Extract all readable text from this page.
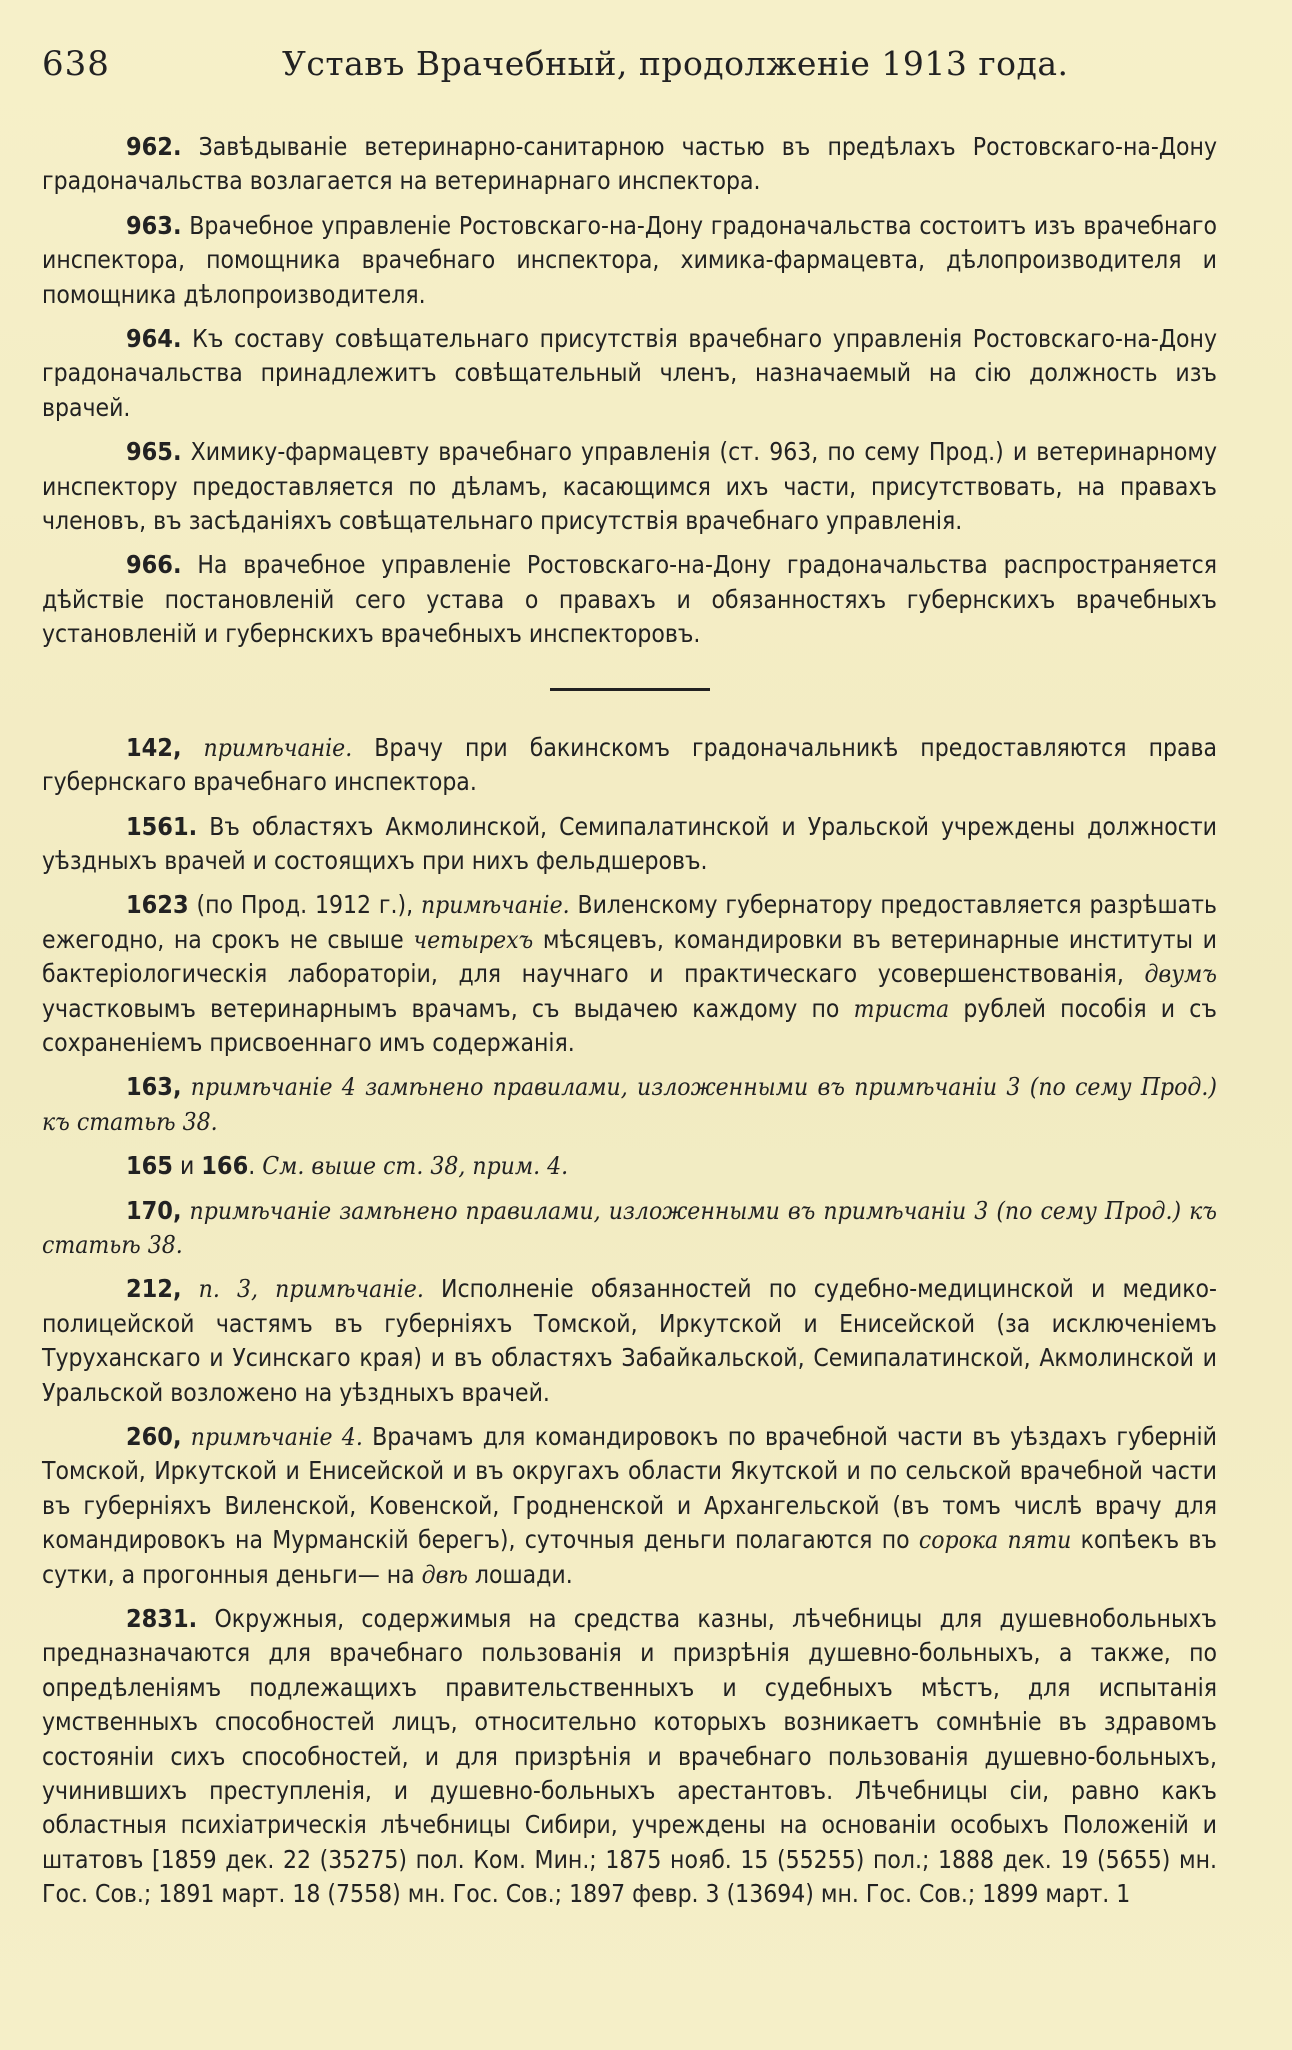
638	Уставъ Врачебный, продолженіе 1913 года.

962. Завѣдываніе ветеринарно-санитарною частью въ предѣлахъ Ростовскаго-на-Дону градоначальства возлагается на ветеринарнаго инспектора.

963. Врачебное управленіе Ростовскаго-на-Дону градоначальства состоитъ изъ врачебнаго инспектора, помощника врачебнаго инспектора, химика-фармацевта, дѣлопроизводителя и помощника дѣлопроизводителя.

964. Къ составу совѣщательнаго присутствія врачебнаго управленія Ростовскаго-на-Дону градоначальства принадлежитъ совѣщательный членъ, назначаемый на сію должность изъ врачей.

965. Химику-фармацевту врачебнаго управленія (ст. 963, по сему Прод.) и ветеринарному инспектору предоставляется по дѣламъ, касающимся ихъ части, присутствовать, на правахъ членовъ, въ засѣданіяхъ совѣщательнаго присутствія врачебнаго управленія.

966. На врачебное управленіе Ростовскаго-на-Дону градоначальства распространяется дѣйствіе постановленій сего устава о правахъ и обязанностяхъ губернскихъ врачебныхъ установленій и губернскихъ врачебныхъ инспекторовъ.

142, примѣчаніе. Врачу при бакинскомъ градоначальникѣ предоставляются права губернскаго врачебнаго инспектора.

1561. Въ областяхъ Акмолинской, Семипалатинской и Уральской учреждены должности уѣздныхъ врачей и состоящихъ при нихъ фельдшеровъ.

1623 (по Прод. 1912 г.), примѣчаніе. Виленскому губернатору предоставляется разрѣшать ежегодно, на срокъ не свыше четырехъ мѣсяцевъ, командировки въ ветеринарные институты и бактеріологическія лабораторіи, для научнаго и практическаго усовершенствованія, двумъ участковымъ ветеринарнымъ врачамъ, съ выдачею каждому по триста рублей пособія и съ сохраненіемъ присвоеннаго имъ содержанія.

163, примѣчаніе 4 замѣнено правилами, изложенными въ примѣчаніи 3 (по сему Прод.) къ статьѣ 38.

165 и 166. См. выше ст. 38, прим. 4.

170, примѣчаніе замѣнено правилами, изложенными въ примѣчаніи 3 (по сему Прод.) къ статьѣ 38.

212, п. 3, примѣчаніе. Исполненіе обязанностей по судебно-медицинской и медико-полицейской частямъ въ губерніяхъ Томской, Иркутской и Енисейской (за исключеніемъ Туруханскаго и Усинскаго края) и въ областяхъ Забайкальской, Семипалатинской, Акмолинской и Уральской возложено на уѣздныхъ врачей.

260, примѣчаніе 4. Врачамъ для командировокъ по врачебной части въ уѣздахъ губерній Томской, Иркутской и Енисейской и въ округахъ области Якутской и по сельской врачебной части въ губерніяхъ Виленской, Ковенской, Гродненской и Архангельской (въ томъ числѣ врачу для командировокъ на Мурманскій берегъ), суточныя деньги полагаются по сорока пяти копѣекъ въ сутки, а прогонныя деньги— на двѣ лошади.

2831. Окружныя, содержимыя на средства казны, лѣчебницы для душевнобольныхъ предназначаются для врачебнаго пользованія и призрѣнія душевно-больныхъ, а также, по опредѣленіямъ подлежащихъ правительственныхъ и судебныхъ мѣстъ, для испытанія умственныхъ способностей лицъ, относительно которыхъ возникаетъ сомнѣніе въ здравомъ состояніи сихъ способностей, и для призрѣнія и врачебнаго пользованія душевно-больныхъ, учинившихъ преступленія, и душевно-больныхъ арестантовъ. Лѣчебницы сіи, равно какъ областныя психіатрическія лѣчебницы Сибири, учреждены на основаніи особыхъ Положеній и штатовъ [1859 дек. 22 (35275) пол. Ком. Мин.; 1875 нояб. 15 (55255) пол.; 1888 дек. 19 (5655) мн. Гос. Сов.; 1891 март. 18 (7558) мн. Гос. Сов.; 1897 февр. 3 (13694) мн. Гос. Сов.; 1899 март. 1
